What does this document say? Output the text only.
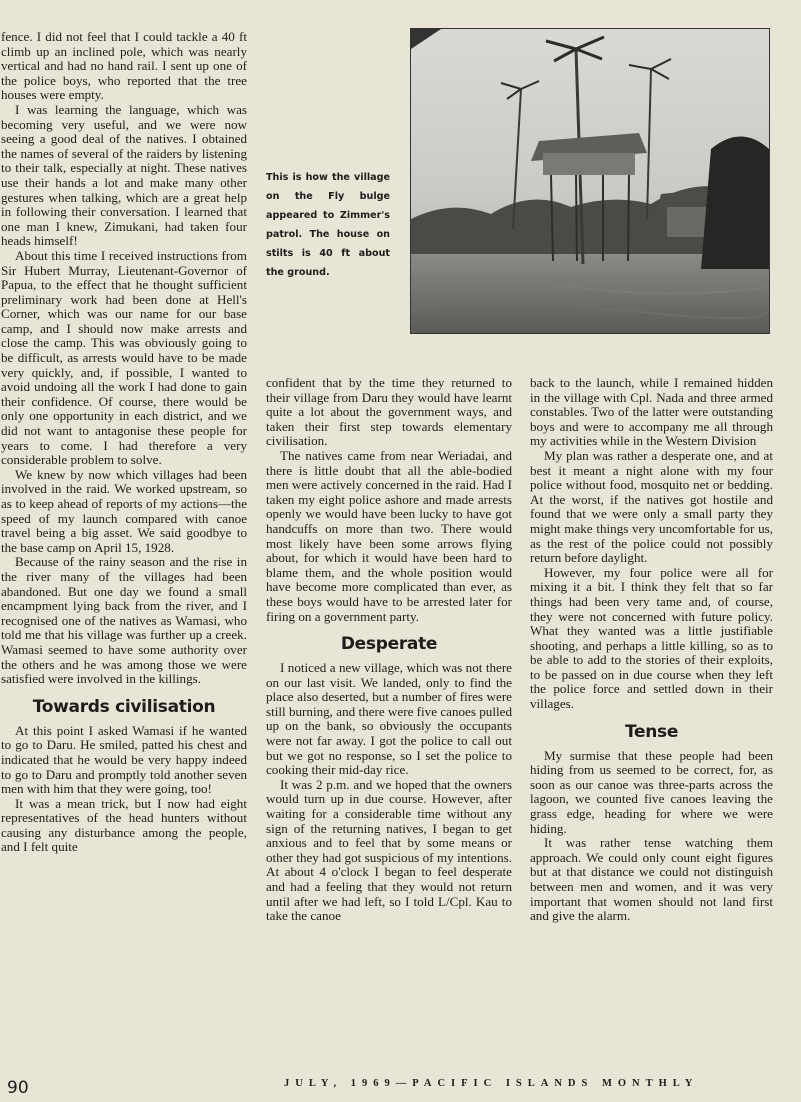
fence. I did not feel that I could tackle a 40 ft climb up an inclined pole, which was nearly vertical and had no hand rail. I sent up one of the police boys, who reported that the tree houses were empty.

I was learning the language, which was becoming very useful, and we were now seeing a good deal of the natives. I obtained the names of several of the raiders by listening to their talk, especially at night. These natives use their hands a lot and make many other gestures when talking, which are a great help in following their conversation. I learned that one man I knew, Zimukani, had taken four heads himself!

About this time I received instructions from Sir Hubert Murray, Lieutenant-Governor of Papua, to the effect that he thought sufficient preliminary work had been done at Hell's Corner, which was our name for our base camp, and I should now make arrests and close the camp. This was obviously going to be difficult, as arrests would have to be made very quickly, and, if possible, I wanted to avoid undoing all the work I had done to gain their confidence. Of course, there would be only one opportunity in each district, and we did not want to antagonise these people for years to come. I had therefore a very considerable problem to solve.

We knew by now which villages had been involved in the raid. We worked upstream, so as to keep ahead of reports of my actions—the speed of my launch compared with canoe travel being a big asset. We said goodbye to the base camp on April 15, 1928.

Because of the rainy season and the rise in the river many of the villages had been abandoned. But one day we found a small encampment lying back from the river, and I recognised one of the natives as Wamasi, who told me that his village was further up a creek. Wamasi seemed to have some authority over the others and he was among those we were satisfied were involved in the killings.

Towards civilisation

At this point I asked Wamasi if he wanted to go to Daru. He smiled, patted his chest and indicated that he would be very happy indeed to go to Daru and promptly told another seven men with him that they were going, too!

It was a mean trick, but I now had eight representatives of the head hunters without causing any disturbance among the people, and I felt quite

This is how the village on the Fly bulge appeared to Zimmer's patrol. The house on stilts is 40 ft about the ground.

confident that by the time they returned to their village from Daru they would have learnt quite a lot about the government ways, and taken their first step towards elementary civilisation.

The natives came from near Weriadai, and there is little doubt that all the able-bodied men were actively concerned in the raid. Had I taken my eight police ashore and made arrests openly we would have been lucky to have got handcuffs on more than two. There would most likely have been some arrows flying about, for which it would have been hard to blame them, and the whole position would have become more complicated than ever, as these boys would have to be arrested later for firing on a government party.

Desperate

I noticed a new village, which was not there on our last visit. We landed, only to find the place also deserted, but a number of fires were still burning, and there were five canoes pulled up on the bank, so obviously the occupants were not far away. I got the police to call out but we got no response, so I set the police to cooking their mid-day rice.

It was 2 p.m. and we hoped that the owners would turn up in due course. However, after waiting for a considerable time without any sign of the returning natives, I began to get anxious and to feel that by some means or other they had got suspicious of my intentions. At about 4 o'clock I began to feel desperate and had a feeling that they would not return until after we had left, so I told L/Cpl. Kau to take the canoe

back to the launch, while I remained hidden in the village with Cpl. Nada and three armed constables. Two of the latter were outstanding boys and were to accompany me all through my activities while in the Western Division

My plan was rather a desperate one, and at best it meant a night alone with my four police without food, mosquito net or bedding. At the worst, if the natives got hostile and found that we were only a small party they might make things very uncomfortable for us, as the rest of the police could not possibly return before daylight.

However, my four police were all for mixing it a bit. I think they felt that so far things had been very tame and, of course, they were not concerned with future policy. What they wanted was a little justifiable shooting, and perhaps a little killing, so as to be able to add to the stories of their exploits, to be passed on in due course when they left the police force and settled down in their villages.

Tense

My surmise that these people had been hiding from us seemed to be correct, for, as soon as our canoe was three-parts across the lagoon, we counted five canoes leaving the grass edge, heading for where we were hiding.

It was rather tense watching them approach. We could only count eight figures but at that distance we could not distinguish between men and women, and it was very important that women should not land first and give the alarm.

90	JULY, 1969—PACIFIC ISLANDS MONTHLY
